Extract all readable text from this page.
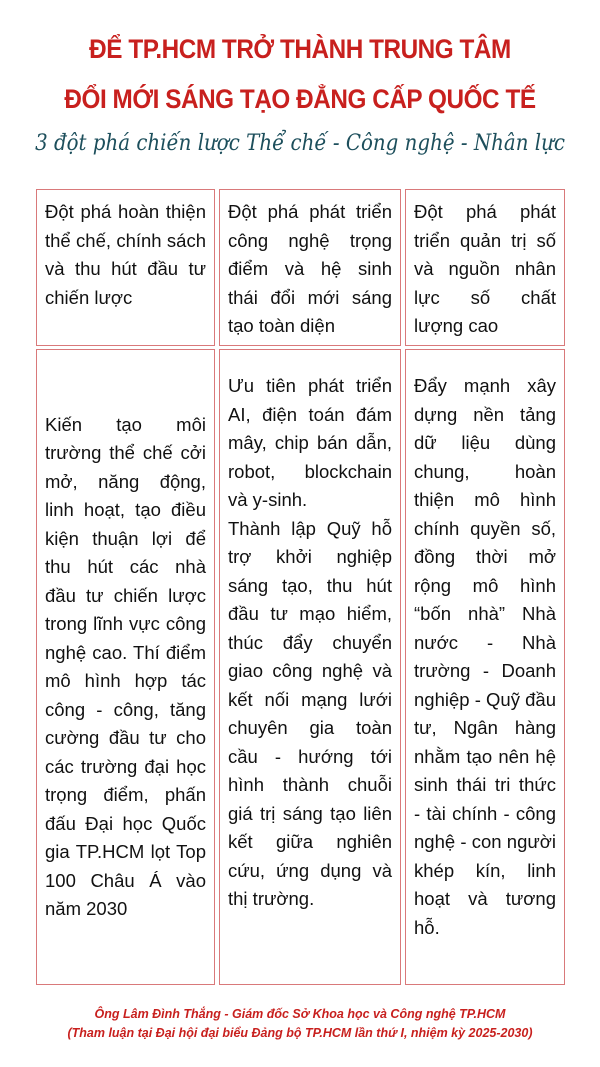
ĐỂ TP.HCM TRỞ THÀNH TRUNG TÂM
ĐỔI MỚI SÁNG TẠO ĐẲNG CẤP QUỐC TẾ
3 đột phá chiến lược Thể chế - Công nghệ - Nhân lực

Đột phá hoàn thiện thể chế, chính sách và thu hút đầu tư chiến lược

Đột phá phát triển công nghệ trọng điểm và hệ sinh thái đổi mới sáng tạo toàn diện

Đột phá phát triển quản trị số và nguồn nhân lực số chất lượng cao

Kiến tạo môi trường thể chế cởi mở, năng động, linh hoạt, tạo điều kiện thuận lợi để thu hút các nhà đầu tư chiến lược trong lĩnh vực công nghệ cao. Thí điểm mô hình hợp tác công - công, tăng cường đầu tư cho các trường đại học trọng điểm, phấn đấu Đại học Quốc gia TP.HCM lọt Top 100 Châu Á vào năm 2030

Ưu tiên phát triển AI, điện toán đám mây, chip bán dẫn, robot, blockchain và y-sinh.

Thành lập Quỹ hỗ trợ khởi nghiệp sáng tạo, thu hút đầu tư mạo hiểm, thúc đẩy chuyển giao công nghệ và kết nối mạng lưới chuyên gia toàn cầu - hướng tới hình thành chuỗi giá trị sáng tạo liên kết giữa nghiên cứu, ứng dụng và thị trường.

Đẩy mạnh xây dựng nền tảng dữ liệu dùng chung, hoàn thiện mô hình chính quyền số, đồng thời mở rộng mô hình “bốn nhà” Nhà nước - Nhà trường - Doanh nghiệp - Quỹ đầu tư, Ngân hàng nhằm tạo nên hệ sinh thái tri thức - tài chính - công nghệ - con người khép kín, linh hoạt và tương hỗ.

Ông Lâm Đình Thắng - Giám đốc Sở Khoa học và Công nghệ TP.HCM
(Tham luận tại Đại hội đại biểu Đảng bộ TP.HCM lần thứ I, nhiệm kỳ 2025-2030)
